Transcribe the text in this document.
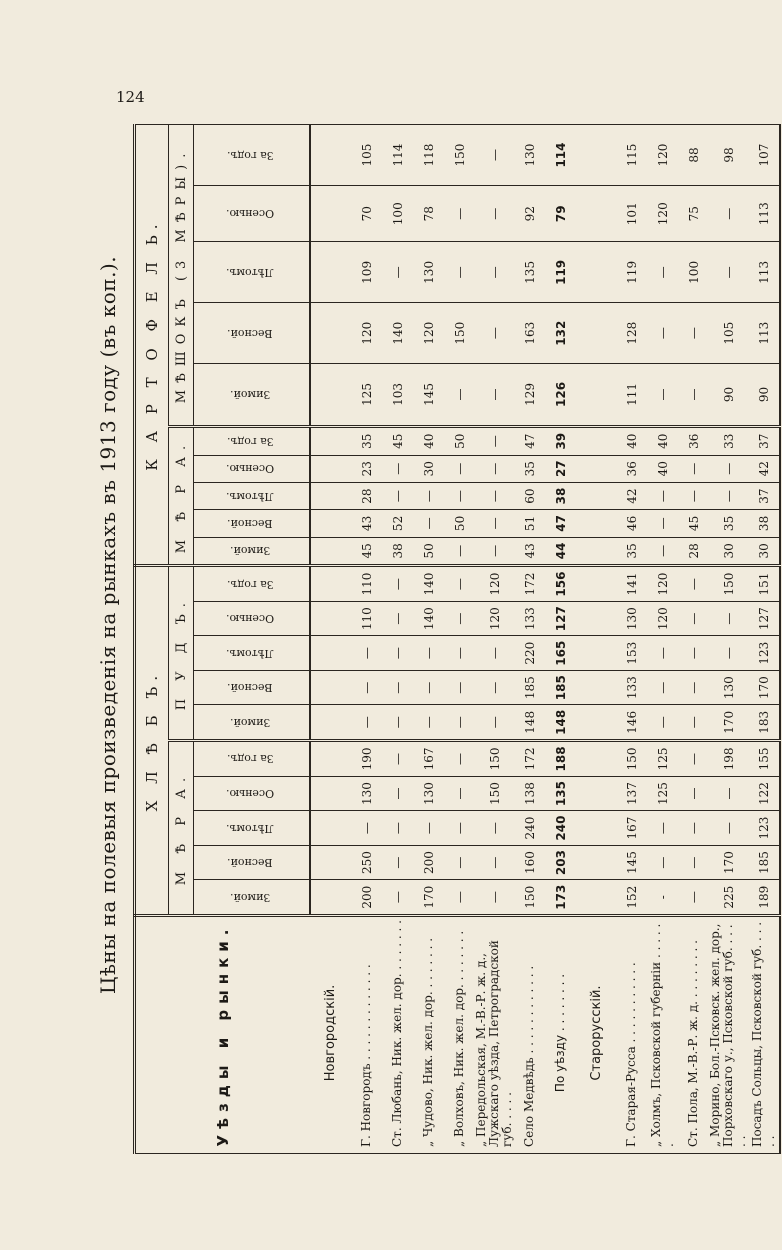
124
Цѣны на полевыя произведенія на рынкахъ въ 1913 году (въ коп.).
Уѣзды и рынки.	Х Л Ѣ Б Ъ.										К А Р Т О Ф Е Л Ь.									
	М Ѣ Р А.					П У Д Ъ.					М Ѣ Р А.					МѢШОКЪ (3 МѢРЫ).				
	Зимой.	Весной.	Лѣтомъ.	Осенью.	За годъ.	Зимой.	Весной.	Лѣтомъ.	Осенью.	За годъ.	Зимой.	Весной.	Лѣтомъ.	Осенью.	За годъ.	Зимой.	Весной.	Лѣтомъ.	Осенью.	За годъ.
Новгородскій.																				
Г. Новгородъ . . . . . . . . . . . . .	200	250	—	130	190	—	—	—	110	110	45	43	28	23	35	125	120	109	70	105
Ст. Любань, Ник. жел. дор. . . . . . . .	—	—	—	—	—	—	—	—	—	—	38	52	—	—	45	103	140	—	100	114
„ Чудово, Ник. жел. дор. . . . . . . .	170	200	—	130	167	—	—	—	140	140	50	—	—	30	40	145	120	130	78	118
„ Волховъ, Ник. жел. дор. . . . . . . .	—	—	—	—	—	—	—	—	—	—	—	50	—	—	50	—	150	—	—	150
„ Передольская, М.-В.-Р. ж. д., Лужскаго уѣзда, Петроградской губ. . . . .	—	—	—	150	150	—	—	—	120	120	—	—	—	—	—	—	—	—	—	—
Село Медвѣдь . . . . . . . . . . . .	150	160	240	138	172	148	185	220	133	172	43	51	60	35	47	129	163	135	92	130
По уѣзду . . . . . . . .	173	203	240	135	188	148	185	165	127	156	44	47	38	27	39	126	132	119	79	114
Старорусскій.																				
Г. Старая-Русса . . . . . . . . . . .	152	145	167	137	150	146	133	153	130	141	35	46	42	36	40	111	128	119	101	115
„ Холмъ, Псковской губерніи . . . . . .	-	—	—	125	125	—	—	—	120	120	—	—	—	40	40	—	—	—	120	120
Ст. Пола, М.-В.-Р. ж. д. . . . . . . . .	—	—	—	—	—	—	—	—	—	—	28	45	—	—	36	—	—	100	75	88
„ Морино, Бол.-Псковск. жел. дор., Порховскаго у., Псковской губ. . . . . .	225	170	—	—	198	170	130	—	—	150	30	35	—	—	33	90	105	—	—	98
Посадъ Сольцы, Псковской губ. . . . . .	189	185	123	122	155	183	170	123	127	151	30	38	37	42	37	90	113	113	113	107
